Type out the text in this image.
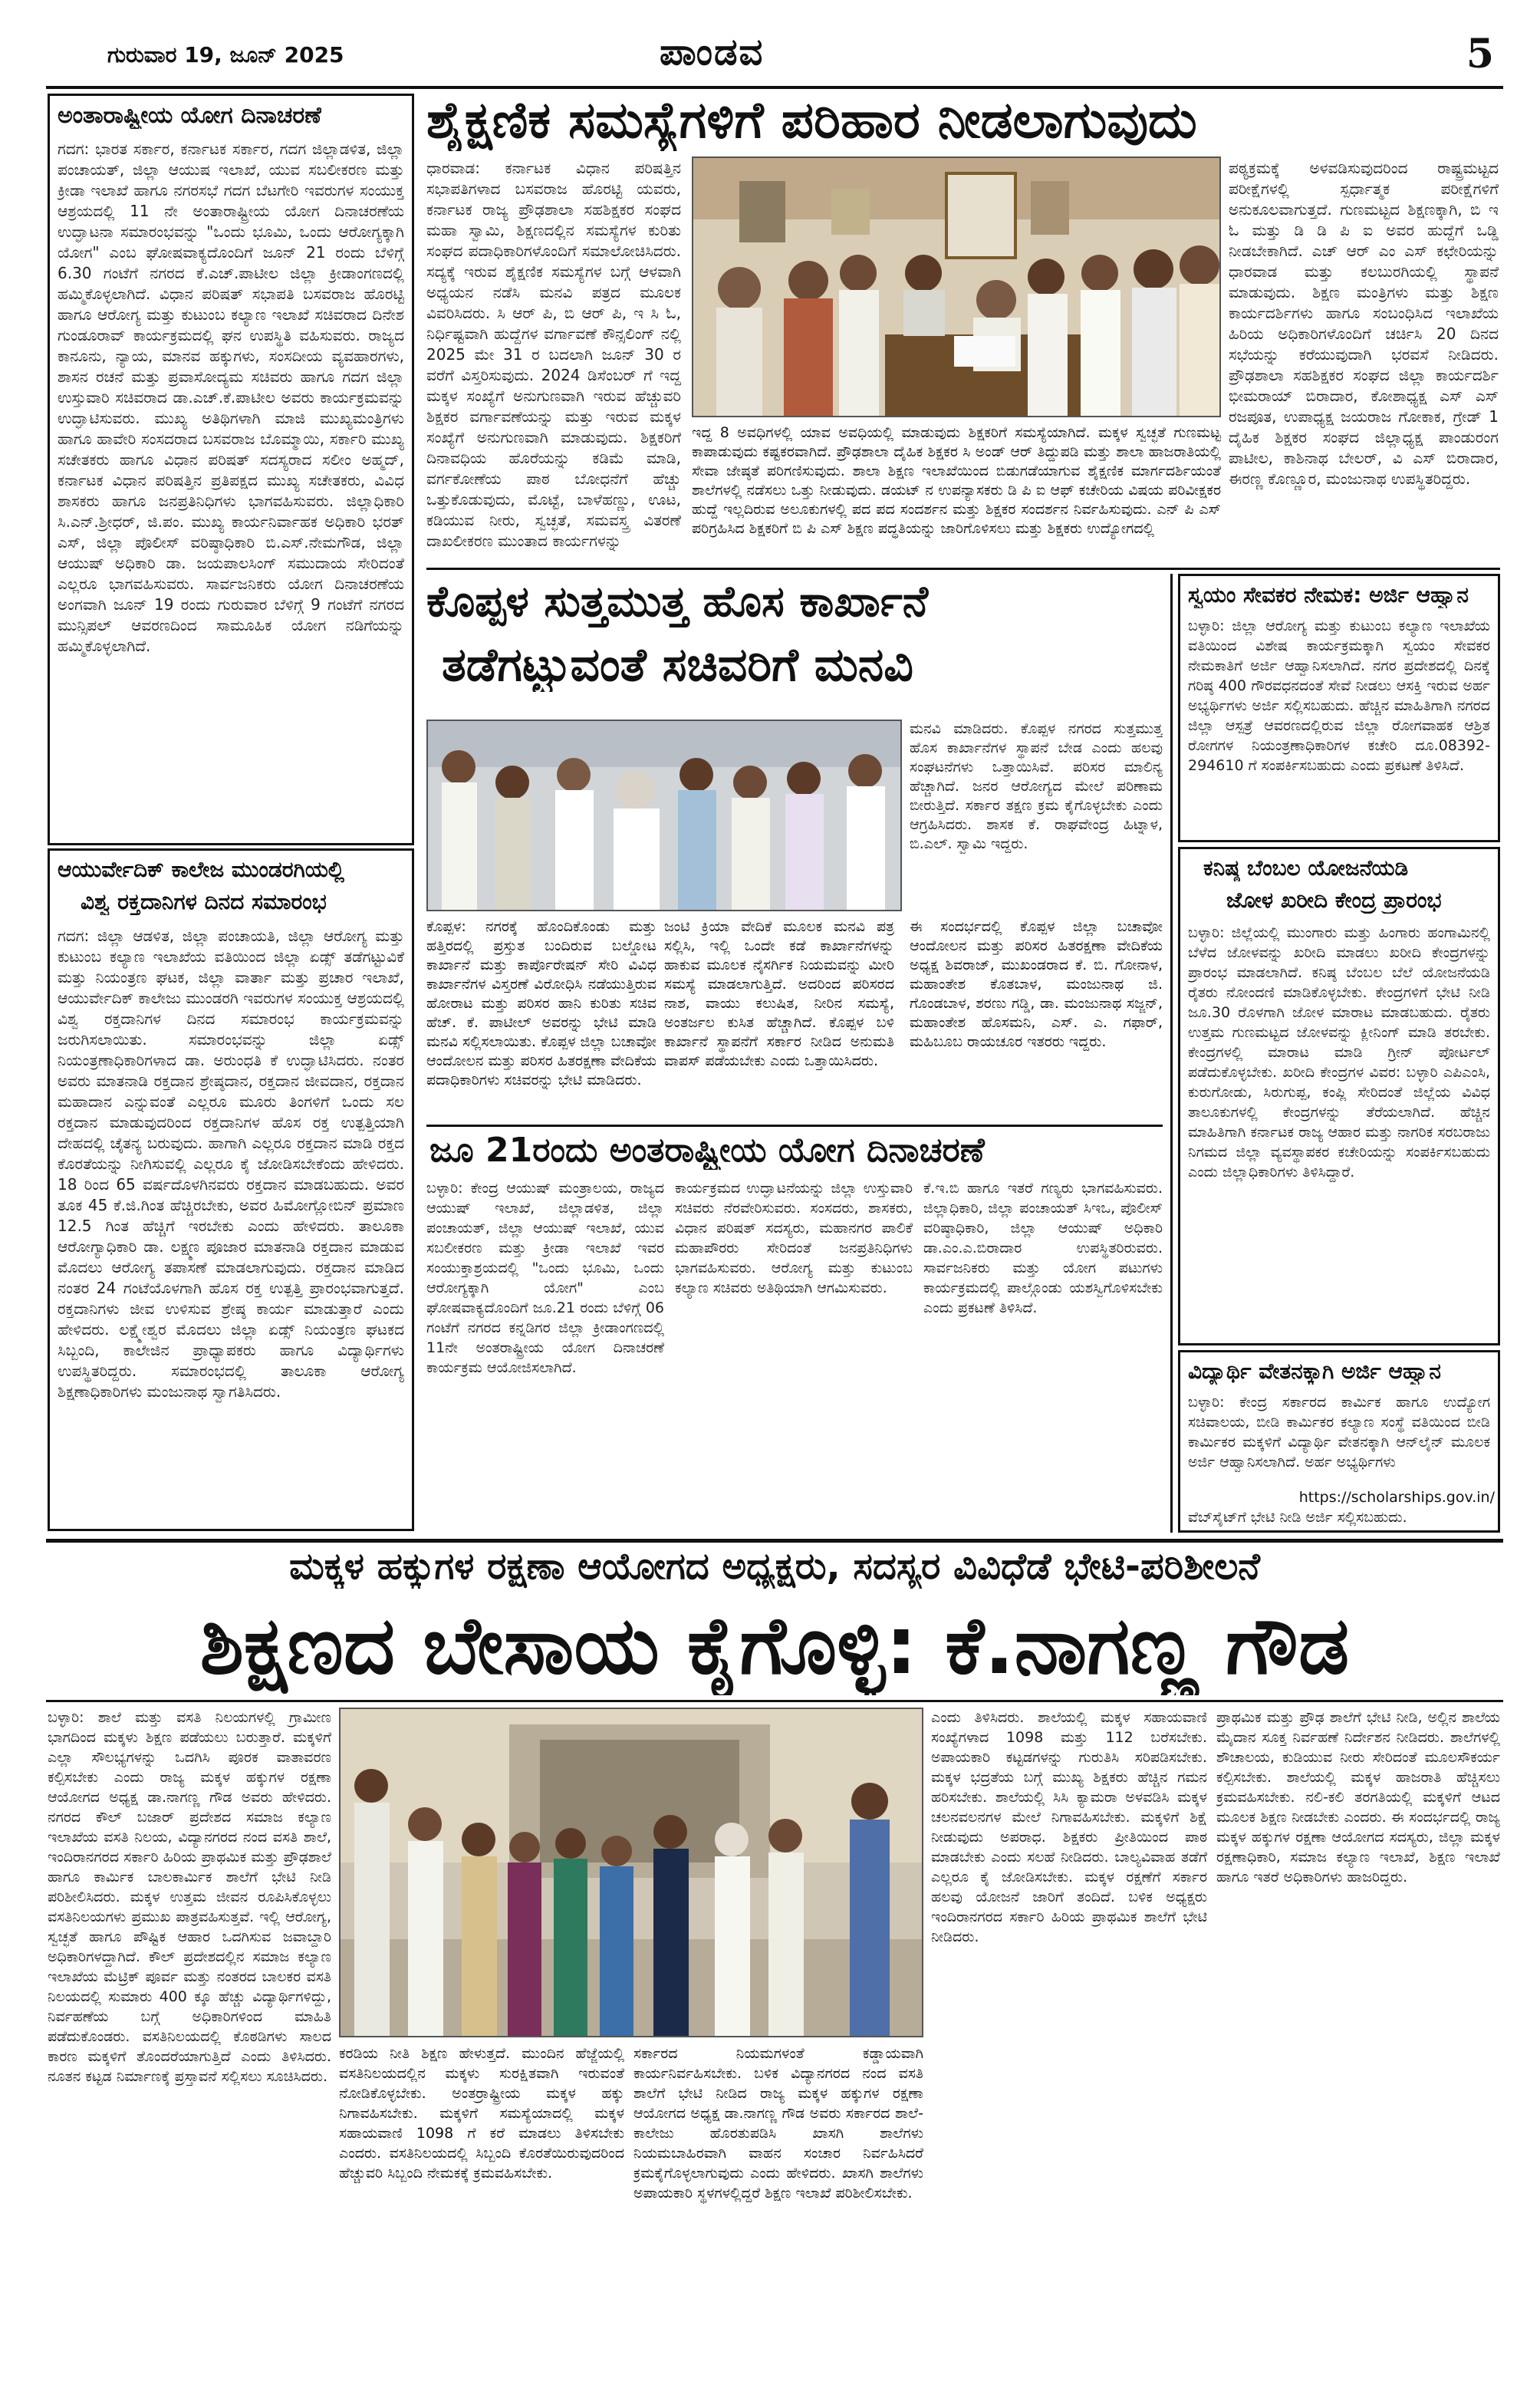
ಗುರುವಾರ 19, ಜೂನ್ 2025	ಪಾಂಡವ	5
ಅಂತಾರಾಷ್ಟ್ರೀಯ ಯೋಗ ದಿನಾಚರಣೆ
ಗದಗ: ಭಾರತ ಸರ್ಕಾರ, ಕರ್ನಾಟಕ ಸರ್ಕಾರ, ಗದಗ ಜಿಲ್ಲಾಡಳಿತ, ಜಿಲ್ಲಾ ಪಂಚಾಯತ್, ಜಿಲ್ಲಾ ಆಯುಷ ಇಲಾಖೆ, ಯುವ ಸಬಲೀಕರಣ ಮತ್ತು ಕ್ರೀಡಾ ಇಲಾಖೆ ಹಾಗೂ ನಗರಸಭೆ ಗದಗ ಬೆಟಗೇರಿ ಇವರುಗಳ ಸಂಯುಕ್ತ ಆಶ್ರಯದಲ್ಲಿ 11 ನೇ ಅಂತಾರಾಷ್ಟ್ರೀಯ ಯೋಗ ದಿನಾಚರಣೆಯ ಉದ್ಘಾಟನಾ ಸಮಾರಂಭವನ್ನು "ಒಂದು ಭೂಮಿ, ಒಂದು ಆರೋಗ್ಯಕ್ಕಾಗಿ ಯೋಗ" ಎಂಬ ಘೋಷವಾಕ್ಯದೊಂದಿಗೆ ಜೂನ್ 21 ರಂದು ಬೆಳಿಗ್ಗೆ 6.30 ಗಂಟೆಗೆ ನಗರದ ಕೆ.ಎಚ್.ಪಾಟೀಲ ಜಿಲ್ಲಾ ಕ್ರೀಡಾಂಗಣದಲ್ಲಿ ಹಮ್ಮಿಕೊಳ್ಳಲಾಗಿದೆ. ವಿಧಾನ ಪರಿಷತ್ ಸಭಾಪತಿ ಬಸವರಾಜ ಹೊರಟ್ಟಿ ಹಾಗೂ ಆರೋಗ್ಯ ಮತ್ತು ಕುಟುಂಬ ಕಲ್ಯಾಣ ಇಲಾಖೆ ಸಚಿವರಾದ ದಿನೇಶ ಗುಂಡೂರಾವ್ ಕಾರ್ಯಕ್ರಮದಲ್ಲಿ ಘನ ಉಪಸ್ಥಿತಿ ವಹಿಸುವರು. ರಾಜ್ಯದ ಕಾನೂನು, ನ್ಯಾಯ, ಮಾನವ ಹಕ್ಕುಗಳು, ಸಂಸದೀಯ ವ್ಯವಹಾರಗಳು, ಶಾಸನ ರಚನೆ ಮತ್ತು ಪ್ರವಾಸೋದ್ಯಮ ಸಚಿವರು ಹಾಗೂ ಗದಗ ಜಿಲ್ಲಾ ಉಸ್ತುವಾರಿ ಸಚಿವರಾದ ಡಾ.ಎಚ್.ಕೆ.ಪಾಟೀಲ ಅವರು ಕಾರ್ಯಕ್ರಮವನ್ನು ಉದ್ಘಾಟಿಸುವರು. ಮುಖ್ಯ ಅತಿಥಿಗಳಾಗಿ ಮಾಜಿ ಮುಖ್ಯಮಂತ್ರಿಗಳು ಹಾಗೂ ಹಾವೇರಿ ಸಂಸದರಾದ ಬಸವರಾಜ ಬೊಮ್ಮಾಯಿ, ಸರ್ಕಾರಿ ಮುಖ್ಯ ಸಚೇತಕರು ಹಾಗೂ ವಿಧಾನ ಪರಿಷತ್ ಸದಸ್ಯರಾದ ಸಲೀಂ ಅಹ್ಮದ್, ಕರ್ನಾಟಕ ವಿಧಾನ ಪರಿಷತ್ತಿನ ಪ್ರತಿಪಕ್ಷದ ಮುಖ್ಯ ಸಚೇತಕರು, ವಿವಿಧ ಶಾಸಕರು ಹಾಗೂ ಜನಪ್ರತಿನಿಧಿಗಳು ಭಾಗವಹಿಸುವರು. ಜಿಲ್ಲಾಧಿಕಾರಿ ಸಿ.ಎನ್.ಶ್ರೀಧರ್, ಜಿ.ಪಂ. ಮುಖ್ಯ ಕಾರ್ಯನಿರ್ವಾಹಕ ಅಧಿಕಾರಿ ಭರತ್ ಎಸ್, ಜಿಲ್ಲಾ ಪೊಲೀಸ್ ವರಿಷ್ಠಾಧಿಕಾರಿ ಬಿ.ಎಸ್.ನೇಮಗೌಡ, ಜಿಲ್ಲಾ ಆಯುಷ್ ಅಧಿಕಾರಿ ಡಾ. ಜಯಪಾಲಸಿಂಗ್ ಸಮುದಾಯ ಸೇರಿದಂತೆ ಎಲ್ಲರೂ ಭಾಗವಹಿಸುವರು. ಸಾರ್ವಜನಿಕರು ಯೋಗ ದಿನಾಚರಣೆಯ ಅಂಗವಾಗಿ ಜೂನ್ 19 ರಂದು ಗುರುವಾರ ಬೆಳಿಗ್ಗೆ 9 ಗಂಟೆಗೆ ನಗರದ ಮುನ್ಸಿಪಲ್ ಆವರಣದಿಂದ ಸಾಮೂಹಿಕ ಯೋಗ ನಡಿಗೆಯನ್ನು ಹಮ್ಮಿಕೊಳ್ಳಲಾಗಿದೆ.
ಆಯುರ್ವೇದಿಕ್ ಕಾಲೇಜ ಮುಂಡರಗಿಯಲ್ಲಿ
ವಿಶ್ವ ರಕ್ತದಾನಿಗಳ ದಿನದ ಸಮಾರಂಭ
ಗದಗ: ಜಿಲ್ಲಾ ಆಡಳಿತ, ಜಿಲ್ಲಾ ಪಂಚಾಯತಿ, ಜಿಲ್ಲಾ ಆರೋಗ್ಯ ಮತ್ತು ಕುಟುಂಬ ಕಲ್ಯಾಣ ಇಲಾಖೆಯ ವತಿಯಿಂದ ಜಿಲ್ಲಾ ಏಡ್ಸ್ ತಡೆಗಟ್ಟುವಿಕೆ ಮತ್ತು ನಿಯಂತ್ರಣ ಘಟಕ, ಜಿಲ್ಲಾ ವಾರ್ತಾ ಮತ್ತು ಪ್ರಚಾರ ಇಲಾಖೆ, ಆಯುರ್ವೇದಿಕ್ ಕಾಲೇಜು ಮುಂಡರಗಿ ಇವರುಗಳ ಸಂಯುಕ್ತ ಆಶ್ರಯದಲ್ಲಿ ವಿಶ್ವ ರಕ್ತದಾನಿಗಳ ದಿನದ ಸಮಾರಂಭ ಕಾರ್ಯಕ್ರಮವನ್ನು ಜರುಗಿಸಲಾಯಿತು. ಸಮಾರಂಭವನ್ನು ಜಿಲ್ಲಾ ಏಡ್ಸ್ ನಿಯಂತ್ರಣಾಧಿಕಾರಿಗಳಾದ ಡಾ. ಅರುಂಧತಿ ಕೆ ಉದ್ಘಾಟಿಸಿದರು. ನಂತರ ಅವರು ಮಾತನಾಡಿ ರಕ್ತದಾನ ಶ್ರೇಷ್ಠದಾನ, ರಕ್ತದಾನ ಜೀವದಾನ, ರಕ್ತದಾನ ಮಹಾದಾನ ಎನ್ನುವಂತೆ ಎಲ್ಲರೂ ಮೂರು ತಿಂಗಳಿಗೆ ಒಂದು ಸಲ ರಕ್ತದಾನ ಮಾಡುವುದರಿಂದ ರಕ್ತದಾನಿಗಳ ಹೊಸ ರಕ್ತ ಉತ್ಪತ್ತಿಯಾಗಿ ದೇಹದಲ್ಲಿ ಚೈತನ್ಯ ಬರುವುದು. ಹಾಗಾಗಿ ಎಲ್ಲರೂ ರಕ್ತದಾನ ಮಾಡಿ ರಕ್ತದ ಕೊರತೆಯನ್ನು ನೀಗಿಸುವಲ್ಲಿ ಎಲ್ಲರೂ ಕೈ ಜೋಡಿಸಬೇಕೆಂದು ಹೇಳಿದರು. 18 ರಿಂದ 65 ವರ್ಷದೊಳಗಿನವರು ರಕ್ತದಾನ ಮಾಡಬಹುದು. ಅವರ ತೂಕ 45 ಕೆ.ಜಿ.ಗಿಂತ ಹೆಚ್ಚಿರಬೇಕು, ಅವರ ಹಿಮೋಗ್ಲೋಬಿನ್ ಪ್ರಮಾಣ 12.5 ಗಿಂತ ಹೆಚ್ಚಿಗೆ ಇರಬೇಕು ಎಂದು ಹೇಳಿದರು. ತಾಲೂಕಾ ಆರೋಗ್ಯಾಧಿಕಾರಿ ಡಾ. ಲಕ್ಷ್ಮಣ ಪೂಜಾರ ಮಾತನಾಡಿ ರಕ್ತದಾನ ಮಾಡುವ ಮೊದಲು ಆರೋಗ್ಯ ತಪಾಸಣೆ ಮಾಡಲಾಗುವುದು. ರಕ್ತದಾನ ಮಾಡಿದ ನಂತರ 24 ಗಂಟೆಯೊಳಗಾಗಿ ಹೊಸ ರಕ್ತ ಉತ್ಪತ್ತಿ ಪ್ರಾರಂಭವಾಗುತ್ತದೆ. ರಕ್ತದಾನಿಗಳು ಜೀವ ಉಳಿಸುವ ಶ್ರೇಷ್ಠ ಕಾರ್ಯ ಮಾಡುತ್ತಾರೆ ಎಂದು ಹೇಳಿದರು. ಲಕ್ಷ್ಮೇಶ್ವರ ಮೊದಲು ಜಿಲ್ಲಾ ಏಡ್ಸ್ ನಿಯಂತ್ರಣ ಘಟಕದ ಸಿಬ್ಬಂದಿ, ಕಾಲೇಜಿನ ಪ್ರಾಧ್ಯಾಪಕರು ಹಾಗೂ ವಿದ್ಯಾರ್ಥಿಗಳು ಉಪಸ್ಥಿತರಿದ್ದರು. ಸಮಾರಂಭದಲ್ಲಿ ತಾಲೂಕಾ ಆರೋಗ್ಯ ಶಿಕ್ಷಣಾಧಿಕಾರಿಗಳು ಮಂಜುನಾಥ ಸ್ವಾಗತಿಸಿದರು.
ಶೈಕ್ಷಣಿಕ ಸಮಸ್ಯೆಗಳಿಗೆ ಪರಿಹಾರ ನೀಡಲಾಗುವುದು
ಧಾರವಾಡ: ಕರ್ನಾಟಕ ವಿಧಾನ ಪರಿಷತ್ತಿನ ಸಭಾಪತಿಗಳಾದ ಬಸವರಾಜ ಹೊರಟ್ಟಿ ಯವರು, ಕರ್ನಾಟಕ ರಾಜ್ಯ ಪ್ರೌಢಶಾಲಾ ಸಹಶಿಕ್ಷಕರ ಸಂಘದ ಮಹಾ ಸ್ವಾಮಿ, ಶಿಕ್ಷಣದಲ್ಲಿನ ಸಮಸ್ಯೆಗಳ ಕುರಿತು ಸಂಘದ ಪದಾಧಿಕಾರಿಗಳೊಂದಿಗೆ ಸಮಾಲೋಚಿಸಿದರು. ಸದ್ಯಕ್ಕೆ ಇರುವ ಶೈಕ್ಷಣಿಕ ಸಮಸ್ಯೆಗಳ ಬಗ್ಗೆ ಆಳವಾಗಿ ಅಧ್ಯಯನ ನಡೆಸಿ ಮನವಿ ಪತ್ರದ ಮೂಲಕ ವಿವರಿಸಿದರು. ಸಿ ಆರ್ ಪಿ, ಬಿ ಆರ್ ಪಿ, ಇ ಸಿ ಓ, ನಿರ್ಧಿಷ್ಟವಾಗಿ ಹುದ್ದೆಗಳ ವರ್ಗಾವಣೆ ಕೌನ್ಸಲಿಂಗ್ ನಲ್ಲಿ 2025 ಮೇ 31 ರ ಬದಲಾಗಿ ಜೂನ್ 30 ರ ವರೆಗೆ ವಿಸ್ತರಿಸುವುದು. 2024 ಡಿಸೆಂಬರ್ ಗೆ ಇದ್ದ ಮಕ್ಕಳ ಸಂಖ್ಯೆಗೆ ಅನುಗುಣವಾಗಿ ಇರುವ ಹೆಚ್ಚುವರಿ ಶಿಕ್ಷಕರ ವರ್ಗಾವಣೆಯನ್ನು ಮತ್ತು ಇರುವ ಮಕ್ಕಳ ಸಂಖ್ಯೆಗೆ ಅನುಗುಣವಾಗಿ ಮಾಡುವುದು. ಶಿಕ್ಷಕರಿಗೆ ದಿನಾವಧಿಯ ಹೊರೆಯನ್ನು ಕಡಿಮೆ ಮಾಡಿ, ವರ್ಗಕೋಣೆಯ ಪಾಠ ಬೋಧನೆಗೆ ಹೆಚ್ಚು ಒತ್ತುಕೊಡುವುದು, ಮೊಟ್ಟೆ, ಬಾಳೆಹಣ್ಣು, ಊಟ, ಕಡಿಯುವ ನೀರು, ಸ್ವಚ್ಛತೆ, ಸಮವಸ್ತ್ರ ವಿತರಣೆ ದಾಖಲೀಕರಣ ಮುಂತಾದ ಕಾರ್ಯಗಳನ್ನು
ಇದ್ದ 8 ಅವಧಿಗಳಲ್ಲಿ ಯಾವ ಅವಧಿಯಲ್ಲಿ ಮಾಡುವುದು ಶಿಕ್ಷಕರಿಗೆ ಸಮಸ್ಯೆಯಾಗಿದೆ. ಮಕ್ಕಳ ಸ್ವಚ್ಛತೆ ಗುಣಮಟ್ಟ ಕಾಪಾಡುವುದು ಕಷ್ಟಕರವಾಗಿದೆ. ಪ್ರೌಢಶಾಲಾ ದೈಹಿಕ ಶಿಕ್ಷಕರ ಸಿ ಅಂಡ್ ಆರ್ ತಿದ್ದುಪಡಿ ಮತ್ತು ಶಾಲಾ ಹಾಜರಾತಿಯಲ್ಲಿ ಸೇವಾ ಜೇಷ್ಠತೆ ಪರಿಗಣಿಸುವುದು. ಶಾಲಾ ಶಿಕ್ಷಣ ಇಲಾಖೆಯಿಂದ ಬಿಡುಗಡೆಯಾಗುವ ಶೈಕ್ಷಣಿಕ ಮಾರ್ಗದರ್ಶಿಯಂತೆ ಶಾಲೆಗಳಲ್ಲಿ ನಡೆಸಲು ಒತ್ತು ನೀಡುವುದು. ಡಯಟ್ ನ ಉಪನ್ಯಾಸಕರು ಡಿ ಪಿ ಐ ಆಫ್ ಕಚೇರಿಯ ವಿಷಯ ಪರಿವೀಕ್ಷಕರ ಹುದ್ದೆ ಇಲ್ಲದಿರುವ ಅಲೂಕುಗಳಲ್ಲಿ ಪದ ಪದ ಸಂದರ್ಶನ ಮತ್ತು ಶಿಕ್ಷಕರ ಸಂದರ್ಶನ ನಿರ್ವಹಿಸುವುದು. ಎನ್ ಪಿ ಎಸ್ ಪರಿಗ್ರಹಿಸಿದ ಶಿಕ್ಷಕರಿಗೆ ಬಿ ಪಿ ಎಸ್ ಶಿಕ್ಷಣ ಪದ್ಧತಿಯನ್ನು ಜಾರಿಗೊಳಿಸಲು ಮತ್ತು ಶಿಕ್ಷಕರು ಉದ್ಯೋಗದಲ್ಲಿ
ಪಠ್ಯಕ್ರಮಕ್ಕೆ ಅಳವಡಿಸುವುದರಿಂದ ರಾಷ್ಟ್ರಮಟ್ಟದ ಪರೀಕ್ಷೆಗಳಲ್ಲಿ ಸ್ಪರ್ಧಾತ್ಮಕ ಪರೀಕ್ಷೆಗಳಿಗೆ ಅನುಕೂಲವಾಗುತ್ತದೆ. ಗುಣಮಟ್ಟದ ಶಿಕ್ಷಣಕ್ಕಾಗಿ, ಬಿ ಇ ಓ ಮತ್ತು ಡಿ ಡಿ ಪಿ ಐ ಅವರ ಹುದ್ದೆಗೆ ಒಡ್ಡಿ ನೀಡಬೇಕಾಗಿದೆ. ಎಚ್ ಆರ್ ಎಂ ಎಸ್ ಕಛೇರಿಯನ್ನು ಧಾರವಾಡ ಮತ್ತು ಕಲಬುರಗಿಯಲ್ಲಿ ಸ್ಥಾಪನೆ ಮಾಡುವುದು. ಶಿಕ್ಷಣ ಮಂತ್ರಿಗಳು ಮತ್ತು ಶಿಕ್ಷಣ ಕಾರ್ಯದರ್ಶಿಗಳು ಹಾಗೂ ಸಂಬಂಧಿಸಿದ ಇಲಾಖೆಯ ಹಿರಿಯ ಅಧಿಕಾರಿಗಳೊಂದಿಗೆ ಚರ್ಚಿಸಿ 20 ದಿನದ ಸಭೆಯನ್ನು ಕರೆಯುವುದಾಗಿ ಭರವಸೆ ನೀಡಿದರು. ಪ್ರೌಢಶಾಲಾ ಸಹಶಿಕ್ಷಕರ ಸಂಘದ ಜಿಲ್ಲಾ ಕಾರ್ಯದರ್ಶಿ ಭೀಮರಾಯ್ ಬಿರಾದಾರ, ಕೋಶಾಧ್ಯಕ್ಷ ಎಸ್ ಎಸ್ ರಜಪೂತ, ಉಪಾಧ್ಯಕ್ಷ ಜಯರಾಜ ಗೋಕಾಕ, ಗ್ರೇಡ್ 1 ದೈಹಿಕ ಶಿಕ್ಷಕರ ಸಂಘದ ಜಿಲ್ಲಾಧ್ಯಕ್ಷ ಪಾಂಡುರಂಗ ಪಾಟೀಲ, ಕಾಶಿನಾಥ ಬೇಲರ್, ವಿ ಎಸ್ ಬಿರಾದಾರ, ಈರಣ್ಣ ಕೊಣ್ಣೂರ, ಮಂಜುನಾಥ ಉಪಸ್ಥಿತರಿದ್ದರು.
ಕೊಪ್ಪಳ ಸುತ್ತಮುತ್ತ ಹೊಸ ಕಾರ್ಖಾನೆ
ತಡೆಗಟ್ಟುವಂತೆ ಸಚಿವರಿಗೆ ಮನವಿ
ಮನವಿ ಮಾಡಿದರು. ಕೊಪ್ಪಳ ನಗರದ ಸುತ್ತಮುತ್ತ ಹೊಸ ಕಾರ್ಖಾನೆಗಳ ಸ್ಥಾಪನೆ ಬೇಡ ಎಂದು ಹಲವು ಸಂಘಟನೆಗಳು ಒತ್ತಾಯಿಸಿವೆ. ಪರಿಸರ ಮಾಲಿನ್ಯ ಹೆಚ್ಚಾಗಿದೆ. ಜನರ ಆರೋಗ್ಯದ ಮೇಲೆ ಪರಿಣಾಮ ಬೀರುತ್ತಿದೆ. ಸರ್ಕಾರ ತಕ್ಷಣ ಕ್ರಮ ಕೈಗೊಳ್ಳಬೇಕು ಎಂದು ಆಗ್ರಹಿಸಿದರು. ಶಾಸಕ ಕೆ. ರಾಘವೇಂದ್ರ ಹಿಟ್ನಾಳ, ಬಿ.ಎಲ್. ಸ್ವಾಮಿ ಇದ್ದರು.
ಕೊಪ್ಪಳ: ನಗರಕ್ಕೆ ಹೊಂದಿಕೊಂಡು ಮತ್ತು ಹತ್ತಿರದಲ್ಲಿ ಪ್ರಸ್ತುತ ಬಂದಿರುವ ಬಲ್ಡೋಟ ಕಾರ್ಖಾನೆ ಮತ್ತು ಕಾರ್ಪೊರೇಷನ್ ಸೇರಿ ವಿವಿಧ ಕಾರ್ಖಾನೆಗಳ ವಿಸ್ತರಣೆ ವಿರೋಧಿಸಿ ನಡೆಯುತ್ತಿರುವ ಹೋರಾಟ ಮತ್ತು ಪರಿಸರ ಹಾನಿ ಕುರಿತು ಸಚಿವ ಹೆಚ್. ಕೆ. ಪಾಟೀಲ್ ಅವರನ್ನು ಭೇಟಿ ಮಾಡಿ ಮನವಿ ಸಲ್ಲಿಸಲಾಯಿತು. ಕೊಪ್ಪಳ ಜಿಲ್ಲಾ ಬಚಾವೋ ಆಂದೋಲನ ಮತ್ತು ಪರಿಸರ ಹಿತರಕ್ಷಣಾ ವೇದಿಕೆಯ ಪದಾಧಿಕಾರಿಗಳು ಸಚಿವರನ್ನು ಭೇಟಿ ಮಾಡಿದರು.
ಜಂಟಿ ಕ್ರಿಯಾ ವೇದಿಕೆ ಮೂಲಕ ಮನವಿ ಪತ್ರ ಸಲ್ಲಿಸಿ, ಇಲ್ಲಿ ಒಂದೇ ಕಡೆ ಕಾರ್ಖಾನೆಗಳನ್ನು ಹಾಕುವ ಮೂಲಕ ನೈಸರ್ಗಿಕ ನಿಯಮವನ್ನು ಮೀರಿ ಸಮಸ್ಯೆ ಮಾಡಲಾಗುತ್ತಿದೆ. ಅದರಿಂದ ಪರಿಸರದ ನಾಶ, ವಾಯು ಕಲುಷಿತ, ನೀರಿನ ಸಮಸ್ಯೆ, ಅಂತರ್ಜಲ ಕುಸಿತ ಹೆಚ್ಚಾಗಿದೆ. ಕೊಪ್ಪಳ ಬಳಿ ಕಾರ್ಖಾನೆ ಸ್ಥಾಪನೆಗೆ ಸರ್ಕಾರ ನೀಡಿದ ಅನುಮತಿ ವಾಪಸ್ ಪಡೆಯಬೇಕು ಎಂದು ಒತ್ತಾಯಿಸಿದರು.
ಈ ಸಂದರ್ಭದಲ್ಲಿ ಕೊಪ್ಪಳ ಜಿಲ್ಲಾ ಬಚಾವೋ ಆಂದೋಲನ ಮತ್ತು ಪರಿಸರ ಹಿತರಕ್ಷಣಾ ವೇದಿಕೆಯ ಅಧ್ಯಕ್ಷ ಶಿವರಾಜ್, ಮುಖಂಡರಾದ ಕೆ. ಬಿ. ಗೋನಾಳ, ಮಹಾಂತೇಶ ಕೊತಬಾಳ, ಮಂಜುನಾಥ ಜಿ. ಗೊಂಡಬಾಳ, ಶರಣು ಗಡ್ಡಿ, ಡಾ. ಮಂಜುನಾಥ ಸಜ್ಜನ್, ಮಹಾಂತೇಶ ಹೊಸಮನಿ, ಎಸ್. ಎ. ಗಫಾರ್, ಮಹಿಬೂಬ ರಾಯಚೂರ ಇತರರು ಇದ್ದರು.
ಜೂ 21ರಂದು ಅಂತರಾಷ್ಟ್ರೀಯ ಯೋಗ ದಿನಾಚರಣೆ
ಬಳ್ಳಾರಿ: ಕೇಂದ್ರ ಆಯುಷ್ ಮಂತ್ರಾಲಯ, ರಾಜ್ಯದ ಆಯುಷ್ ಇಲಾಖೆ, ಜಿಲ್ಲಾಡಳಿತ, ಜಿಲ್ಲಾ ಪಂಚಾಯತ್, ಜಿಲ್ಲಾ ಆಯುಷ್ ಇಲಾಖೆ, ಯುವ ಸಬಲೀಕರಣ ಮತ್ತು ಕ್ರೀಡಾ ಇಲಾಖೆ ಇವರ ಸಂಯುಕ್ತಾಶ್ರಯದಲ್ಲಿ "ಒಂದು ಭೂಮಿ, ಒಂದು ಆರೋಗ್ಯಕ್ಕಾಗಿ ಯೋಗ" ಎಂಬ ಘೋಷವಾಕ್ಯದೊಂದಿಗೆ ಜೂ.21 ರಂದು ಬೆಳಿಗ್ಗೆ 06 ಗಂಟೆಗೆ ನಗರದ ಕನ್ನಡಿಗರ ಜಿಲ್ಲಾ ಕ್ರೀಡಾಂಗಣದಲ್ಲಿ 11ನೇ ಅಂತರಾಷ್ಟ್ರೀಯ ಯೋಗ ದಿನಾಚರಣೆ ಕಾರ್ಯಕ್ರಮ ಆಯೋಜಿಸಲಾಗಿದೆ.
ಕಾರ್ಯಕ್ರಮದ ಉದ್ಘಾಟನೆಯನ್ನು ಜಿಲ್ಲಾ ಉಸ್ತುವಾರಿ ಸಚಿವರು ನೆರವೇರಿಸುವರು. ಸಂಸದರು, ಶಾಸಕರು, ವಿಧಾನ ಪರಿಷತ್ ಸದಸ್ಯರು, ಮಹಾನಗರ ಪಾಲಿಕೆ ಮಹಾಪೌರರು ಸೇರಿದಂತೆ ಜನಪ್ರತಿನಿಧಿಗಳು ಭಾಗವಹಿಸುವರು. ಆರೋಗ್ಯ ಮತ್ತು ಕುಟುಂಬ ಕಲ್ಯಾಣ ಸಚಿವರು ಅತಿಥಿಯಾಗಿ ಆಗಮಿಸುವರು.
ಕೆ.ಇ.ಬಿ ಹಾಗೂ ಇತರೆ ಗಣ್ಯರು ಭಾಗವಹಿಸುವರು. ಜಿಲ್ಲಾಧಿಕಾರಿ, ಜಿಲ್ಲಾ ಪಂಚಾಯತ್ ಸಿಇಒ, ಪೊಲೀಸ್ ವರಿಷ್ಠಾಧಿಕಾರಿ, ಜಿಲ್ಲಾ ಆಯುಷ್ ಅಧಿಕಾರಿ ಡಾ.ಎಂ.ಎ.ಬಿರಾದಾರ ಉಪಸ್ಥಿತರಿರುವರು. ಸಾರ್ವಜನಿಕರು ಮತ್ತು ಯೋಗ ಪಟುಗಳು ಕಾರ್ಯಕ್ರಮದಲ್ಲಿ ಪಾಲ್ಗೊಂಡು ಯಶಸ್ವಿಗೊಳಿಸಬೇಕು ಎಂದು ಪ್ರಕಟಣೆ ತಿಳಿಸಿದೆ.
ಸ್ವಯಂ ಸೇವಕರ ನೇಮಕ: ಅರ್ಜಿ ಆಹ್ವಾನ
ಬಳ್ಳಾರಿ: ಜಿಲ್ಲಾ ಆರೋಗ್ಯ ಮತ್ತು ಕುಟುಂಬ ಕಲ್ಯಾಣ ಇಲಾಖೆಯ ವತಿಯಿಂದ ವಿಶೇಷ ಕಾರ್ಯಕ್ರಮಕ್ಕಾಗಿ ಸ್ವಯಂ ಸೇವಕರ ನೇಮಕಾತಿಗೆ ಅರ್ಜಿ ಆಹ್ವಾನಿಸಲಾಗಿದೆ. ನಗರ ಪ್ರದೇಶದಲ್ಲಿ ದಿನಕ್ಕೆ ಗರಿಷ್ಠ 400 ಗೌರವಧನದಂತೆ ಸೇವೆ ನೀಡಲು ಆಸಕ್ತಿ ಇರುವ ಅರ್ಹ ಅಭ್ಯರ್ಥಿಗಳು ಅರ್ಜಿ ಸಲ್ಲಿಸಬಹುದು. ಹೆಚ್ಚಿನ ಮಾಹಿತಿಗಾಗಿ ನಗರದ ಜಿಲ್ಲಾ ಆಸ್ಪತ್ರೆ ಆವರಣದಲ್ಲಿರುವ ಜಿಲ್ಲಾ ರೋಗವಾಹಕ ಆಶ್ರಿತ ರೋಗಗಳ ನಿಯಂತ್ರಣಾಧಿಕಾರಿಗಳ ಕಚೇರಿ ದೂ.08392-294610 ಗೆ ಸಂಪರ್ಕಿಸಬಹುದು ಎಂದು ಪ್ರಕಟಣೆ ತಿಳಿಸಿದೆ.
ಕನಿಷ್ಠ ಬೆಂಬಲ ಯೋಜನೆಯಡಿ
ಜೋಳ ಖರೀದಿ ಕೇಂದ್ರ ಪ್ರಾರಂಭ
ಬಳ್ಳಾರಿ: ಜಿಲ್ಲೆಯಲ್ಲಿ ಮುಂಗಾರು ಮತ್ತು ಹಿಂಗಾರು ಹಂಗಾಮಿನಲ್ಲಿ ಬೆಳೆದ ಜೋಳವನ್ನು ಖರೀದಿ ಮಾಡಲು ಖರೀದಿ ಕೇಂದ್ರಗಳನ್ನು ಪ್ರಾರಂಭ ಮಾಡಲಾಗಿದೆ. ಕನಿಷ್ಠ ಬೆಂಬಲ ಬೆಲೆ ಯೋಜನೆಯಡಿ ರೈತರು ನೋಂದಣಿ ಮಾಡಿಕೊಳ್ಳಬೇಕು. ಕೇಂದ್ರಗಳಿಗೆ ಭೇಟಿ ನೀಡಿ ಜೂ.30 ರೊಳಗಾಗಿ ಜೋಳ ಮಾರಾಟ ಮಾಡಬಹುದು. ರೈತರು ಉತ್ತಮ ಗುಣಮಟ್ಟದ ಜೋಳವನ್ನು ಕ್ಲೀನಿಂಗ್ ಮಾಡಿ ತರಬೇಕು. ಕೇಂದ್ರಗಳಲ್ಲಿ ಮಾರಾಟ ಮಾಡಿ ಗ್ರೀನ್ ಪೋರ್ಟಲ್ ಪಡೆದುಕೊಳ್ಳಬೇಕು. ಖರೀದಿ ಕೇಂದ್ರಗಳ ವಿವರ: ಬಳ್ಳಾರಿ ಎಪಿಎಂಸಿ, ಕುರುಗೋಡು, ಸಿರುಗುಪ್ಪ, ಕಂಪ್ಲಿ ಸೇರಿದಂತೆ ಜಿಲ್ಲೆಯ ವಿವಿಧ ತಾಲೂಕುಗಳಲ್ಲಿ ಕೇಂದ್ರಗಳನ್ನು ತೆರೆಯಲಾಗಿದೆ. ಹೆಚ್ಚಿನ ಮಾಹಿತಿಗಾಗಿ ಕರ್ನಾಟಕ ರಾಜ್ಯ ಆಹಾರ ಮತ್ತು ನಾಗರಿಕ ಸರಬರಾಜು ನಿಗಮದ ಜಿಲ್ಲಾ ವ್ಯವಸ್ಥಾಪಕರ ಕಚೇರಿಯನ್ನು ಸಂಪರ್ಕಿಸಬಹುದು ಎಂದು ಜಿಲ್ಲಾಧಿಕಾರಿಗಳು ತಿಳಿಸಿದ್ದಾರೆ.
ವಿದ್ಯಾರ್ಥಿ ವೇತನಕ್ಕಾಗಿ ಅರ್ಜಿ ಆಹ್ವಾನ
ಬಳ್ಳಾರಿ: ಕೇಂದ್ರ ಸರ್ಕಾರದ ಕಾರ್ಮಿಕ ಹಾಗೂ ಉದ್ಯೋಗ ಸಚಿವಾಲಯ, ಬೀಡಿ ಕಾರ್ಮಿಕರ ಕಲ್ಯಾಣ ಸಂಸ್ಥೆ ವತಿಯಿಂದ ಬೀಡಿ ಕಾರ್ಮಿಕರ ಮಕ್ಕಳಿಗೆ ವಿದ್ಯಾರ್ಥಿ ವೇತನಕ್ಕಾಗಿ ಆನ್‌ಲೈನ್ ಮೂಲಕ ಅರ್ಜಿ ಆಹ್ವಾನಿಸಲಾಗಿದೆ. ಅರ್ಹ ಅಭ್ಯರ್ಥಿಗಳು
https://scholarships.gov.in/
ವೆಬ್‌ಸೈಟ್‌ಗೆ ಭೇಟಿ ನೀಡಿ ಅರ್ಜಿ ಸಲ್ಲಿಸಬಹುದು.
ಮಕ್ಕಳ ಹಕ್ಕುಗಳ ರಕ್ಷಣಾ ಆಯೋಗದ ಅಧ್ಯಕ್ಷರು, ಸದಸ್ಯರ ವಿವಿಧೆಡೆ ಭೇಟಿ-ಪರಿಶೀಲನೆ
ಶಿಕ್ಷಣದ ಬೇಸಾಯ ಕೈಗೊಳ್ಳಿ: ಕೆ.ನಾಗಣ್ಣ ಗೌಡ
ಬಳ್ಳಾರಿ: ಶಾಲೆ ಮತ್ತು ವಸತಿ ನಿಲಯಗಳಲ್ಲಿ ಗ್ರಾಮೀಣ ಭಾಗದಿಂದ ಮಕ್ಕಳು ಶಿಕ್ಷಣ ಪಡೆಯಲು ಬರುತ್ತಾರೆ. ಮಕ್ಕಳಿಗೆ ಎಲ್ಲಾ ಸೌಲಭ್ಯಗಳನ್ನು ಒದಗಿಸಿ ಪೂರಕ ವಾತಾವರಣ ಕಲ್ಪಿಸಬೇಕು ಎಂದು ರಾಜ್ಯ ಮಕ್ಕಳ ಹಕ್ಕುಗಳ ರಕ್ಷಣಾ ಆಯೋಗದ ಅಧ್ಯಕ್ಷ ಡಾ.ನಾಗಣ್ಣ ಗೌಡ ಅವರು ಹೇಳಿದರು. ನಗರದ ಕೌಲ್ ಬಜಾರ್ ಪ್ರದೇಶದ ಸಮಾಜ ಕಲ್ಯಾಣ ಇಲಾಖೆಯ ವಸತಿ ನಿಲಯ, ವಿದ್ಯಾನಗರದ ನಂದ ವಸತಿ ಶಾಲೆ, ಇಂದಿರಾನಗರದ ಸರ್ಕಾರಿ ಹಿರಿಯ ಪ್ರಾಥಮಿಕ ಮತ್ತು ಪ್ರೌಢಶಾಲೆ ಹಾಗೂ ಕಾರ್ಮಿಕ ಬಾಲಕಾರ್ಮಿಕ ಶಾಲೆಗೆ ಭೇಟಿ ನೀಡಿ ಪರಿಶೀಲಿಸಿದರು. ಮಕ್ಕಳ ಉತ್ತಮ ಜೀವನ ರೂಪಿಸಿಕೊಳ್ಳಲು ವಸತಿನಿಲಯಗಳು ಪ್ರಮುಖ ಪಾತ್ರವಹಿಸುತ್ತವೆ. ಇಲ್ಲಿ ಆರೋಗ್ಯ, ಸ್ವಚ್ಛತೆ ಹಾಗೂ ಪೌಷ್ಟಿಕ ಆಹಾರ ಒದಗಿಸುವ ಜವಾಬ್ದಾರಿ ಅಧಿಕಾರಿಗಳದ್ದಾಗಿದೆ. ಕೌಲ್ ಪ್ರದೇಶದಲ್ಲಿನ ಸಮಾಜ ಕಲ್ಯಾಣ ಇಲಾಖೆಯ ಮೆಟ್ರಿಕ್ ಪೂರ್ವ ಮತ್ತು ನಂತರದ ಬಾಲಕರ ವಸತಿ ನಿಲಯದಲ್ಲಿ ಸುಮಾರು 400 ಕ್ಕೂ ಹೆಚ್ಚು ವಿದ್ಯಾರ್ಥಿಗಳಿದ್ದು, ನಿರ್ವಹಣೆಯ ಬಗ್ಗೆ ಅಧಿಕಾರಿಗಳಿಂದ ಮಾಹಿತಿ ಪಡೆದುಕೊಂಡರು. ವಸತಿನಿಲಯದಲ್ಲಿ ಕೊಠಡಿಗಳು ಸಾಲದ ಕಾರಣ ಮಕ್ಕಳಿಗೆ ತೊಂದರೆಯಾಗುತ್ತಿದೆ ಎಂದು ತಿಳಿಸಿದರು. ನೂತನ ಕಟ್ಟಡ ನಿರ್ಮಾಣಕ್ಕೆ ಪ್ರಸ್ತಾವನೆ ಸಲ್ಲಿಸಲು ಸೂಚಿಸಿದರು.
ಕರಡಿಯ ನೀತಿ ಶಿಕ್ಷಣ ಹೇಳುತ್ತದೆ. ಮುಂದಿನ ಹೆಜ್ಜೆಯಲ್ಲಿ ವಸತಿನಿಲಯದಲ್ಲಿನ ಮಕ್ಕಳು ಸುರಕ್ಷಿತವಾಗಿ ಇರುವಂತೆ ನೋಡಿಕೊಳ್ಳಬೇಕು. ಅಂತರ್ರಾಷ್ಟ್ರೀಯ ಮಕ್ಕಳ ಹಕ್ಕು ನಿಗಾವಹಿಸಬೇಕು. ಮಕ್ಕಳಿಗೆ ಸಮಸ್ಯೆಯಾದಲ್ಲಿ ಮಕ್ಕಳ ಸಹಾಯವಾಣಿ 1098 ಗೆ ಕರೆ ಮಾಡಲು ತಿಳಿಸಬೇಕು ಎಂದರು. ವಸತಿನಿಲಯದಲ್ಲಿ ಸಿಬ್ಬಂದಿ ಕೊರತೆಯಿರುವುದರಿಂದ ಹೆಚ್ಚುವರಿ ಸಿಬ್ಬಂದಿ ನೇಮಕಕ್ಕೆ ಕ್ರಮವಹಿಸಬೇಕು.
ಸರ್ಕಾರದ ನಿಯಮಗಳಂತೆ ಕಡ್ಡಾಯವಾಗಿ ಕಾರ್ಯನಿರ್ವಹಿಸಬೇಕು. ಬಳಿಕ ವಿದ್ಯಾನಗರದ ನಂದ ವಸತಿ ಶಾಲೆಗೆ ಭೇಟಿ ನೀಡಿದ ರಾಜ್ಯ ಮಕ್ಕಳ ಹಕ್ಕುಗಳ ರಕ್ಷಣಾ ಆಯೋಗದ ಅಧ್ಯಕ್ಷ ಡಾ.ನಾಗಣ್ಣ ಗೌಡ ಅವರು ಸರ್ಕಾರದ ಶಾಲೆ-ಕಾಲೇಜು ಹೊರತುಪಡಿಸಿ ಖಾಸಗಿ ಶಾಲೆಗಳು ನಿಯಮಬಾಹಿರವಾಗಿ ವಾಹನ ಸಂಚಾರ ನಿರ್ವಹಿಸಿದರೆ ಕ್ರಮಕೈಗೊಳ್ಳಲಾಗುವುದು ಎಂದು ಹೇಳಿದರು. ಖಾಸಗಿ ಶಾಲೆಗಳು ಅಪಾಯಕಾರಿ ಸ್ಥಳಗಳಲ್ಲಿದ್ದರೆ ಶಿಕ್ಷಣ ಇಲಾಖೆ ಪರಿಶೀಲಿಸಬೇಕು.
ಎಂದು ತಿಳಿಸಿದರು. ಶಾಲೆಯಲ್ಲಿ ಮಕ್ಕಳ ಸಹಾಯವಾಣಿ ಸಂಖ್ಯೆಗಳಾದ 1098 ಮತ್ತು 112 ಬರೆಸಬೇಕು. ಅಪಾಯಕಾರಿ ಕಟ್ಟಡಗಳನ್ನು ಗುರುತಿಸಿ ಸರಿಪಡಿಸಬೇಕು. ಮಕ್ಕಳ ಭದ್ರತೆಯ ಬಗ್ಗೆ ಮುಖ್ಯ ಶಿಕ್ಷಕರು ಹೆಚ್ಚಿನ ಗಮನ ಹರಿಸಬೇಕು. ಶಾಲೆಯಲ್ಲಿ ಸಿಸಿ ಕ್ಯಾಮರಾ ಅಳವಡಿಸಿ ಮಕ್ಕಳ ಚಲನವಲನಗಳ ಮೇಲೆ ನಿಗಾವಹಿಸಬೇಕು. ಮಕ್ಕಳಿಗೆ ಶಿಕ್ಷೆ ನೀಡುವುದು ಅಪರಾಧ. ಶಿಕ್ಷಕರು ಪ್ರೀತಿಯಿಂದ ಪಾಠ ಮಾಡಬೇಕು ಎಂದು ಸಲಹೆ ನೀಡಿದರು. ಬಾಲ್ಯವಿವಾಹ ತಡೆಗೆ ಎಲ್ಲರೂ ಕೈ ಜೋಡಿಸಬೇಕು. ಮಕ್ಕಳ ರಕ್ಷಣೆಗೆ ಸರ್ಕಾರ ಹಲವು ಯೋಜನೆ ಜಾರಿಗೆ ತಂದಿದೆ. ಬಳಿಕ ಅಧ್ಯಕ್ಷರು ಇಂದಿರಾನಗರದ ಸರ್ಕಾರಿ ಹಿರಿಯ ಪ್ರಾಥಮಿಕ ಶಾಲೆಗೆ ಭೇಟಿ ನೀಡಿದರು.
ಪ್ರಾಥಮಿಕ ಮತ್ತು ಪ್ರೌಢ ಶಾಲೆಗೆ ಭೇಟಿ ನೀಡಿ, ಅಲ್ಲಿನ ಶಾಲೆಯ ಮೈದಾನ ಸೂಕ್ತ ನಿರ್ವಹಣೆ ನಿರ್ದೇಶನ ನೀಡಿದರು. ಶಾಲೆಗಳಲ್ಲಿ ಶೌಚಾಲಯ, ಕುಡಿಯುವ ನೀರು ಸೇರಿದಂತೆ ಮೂಲಸೌಕರ್ಯ ಕಲ್ಪಿಸಬೇಕು. ಶಾಲೆಯಲ್ಲಿ ಮಕ್ಕಳ ಹಾಜರಾತಿ ಹೆಚ್ಚಿಸಲು ಕ್ರಮವಹಿಸಬೇಕು. ನಲಿ-ಕಲಿ ತರಗತಿಯಲ್ಲಿ ಮಕ್ಕಳಿಗೆ ಆಟದ ಮೂಲಕ ಶಿಕ್ಷಣ ನೀಡಬೇಕು ಎಂದರು. ಈ ಸಂದರ್ಭದಲ್ಲಿ ರಾಜ್ಯ ಮಕ್ಕಳ ಹಕ್ಕುಗಳ ರಕ್ಷಣಾ ಆಯೋಗದ ಸದಸ್ಯರು, ಜಿಲ್ಲಾ ಮಕ್ಕಳ ರಕ್ಷಣಾಧಿಕಾರಿ, ಸಮಾಜ ಕಲ್ಯಾಣ ಇಲಾಖೆ, ಶಿಕ್ಷಣ ಇಲಾಖೆ ಹಾಗೂ ಇತರೆ ಅಧಿಕಾರಿಗಳು ಹಾಜರಿದ್ದರು.
